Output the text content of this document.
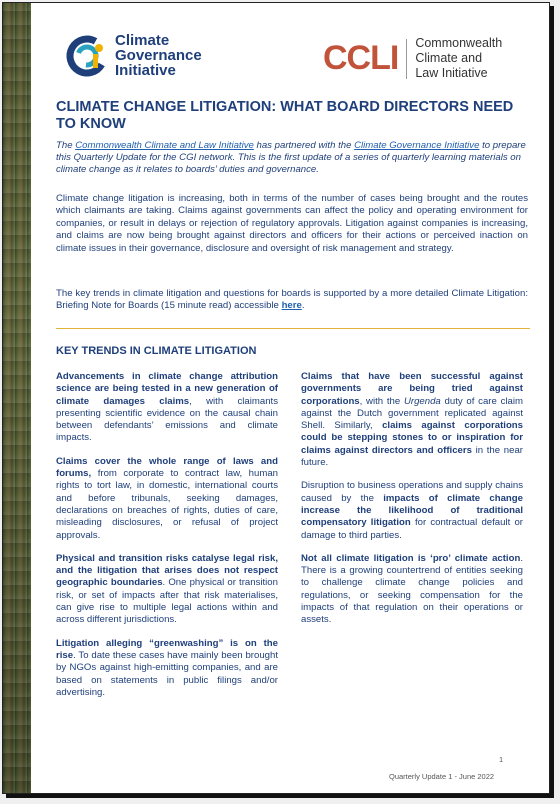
Climate
Governance
Initiative	CCLI Commonwealth
Climate and
Law Initiative
CLIMATE CHANGE LITIGATION: WHAT BOARD DIRECTORS NEED TO KNOW
The Commonwealth Climate and Law Initiative has partnered with the Climate Governance Initiative to prepare this Quarterly Update for the CGI network. This is the first update of a series of quarterly learning materials on climate change as it relates to boards’ duties and governance.
Climate change litigation is increasing, both in terms of the number of cases being brought and the routes which claimants are taking. Claims against governments can affect the policy and operating environment for companies, or result in delays or rejection of regulatory approvals. Litigation against companies is increasing, and claims are now being brought against directors and officers for their actions or perceived inaction on climate issues in their governance, disclosure and oversight of risk management and strategy.
The key trends in climate litigation and questions for boards is supported by a more detailed Climate Litigation: Briefing Note for Boards (15 minute read) accessible here.
KEY TRENDS IN CLIMATE LITIGATION

Advancements in climate change attribution science are being tested in a new generation of climate damages claims, with claimants presenting scientific evidence on the causal chain between defendants’ emissions and climate impacts.

Claims cover the whole range of laws and forums, from corporate to contract law, human rights to tort law, in domestic, international courts and before tribunals, seeking damages, declarations on breaches of rights, duties of care, misleading disclosures, or refusal of project approvals.

Physical and transition risks catalyse legal risk, and the litigation that arises does not respect geographic boundaries. One physical or transition risk, or set of impacts after that risk materialises, can give rise to multiple legal actions within and across different jurisdictions.

Litigation alleging “greenwashing” is on the rise. To date these cases have mainly been brought by NGOs against high-emitting companies, and are based on statements in public filings and/or advertising.

Claims that have been successful against governments are being tried against corporations, with the Urgenda duty of care claim against the Dutch government replicated against Shell. Similarly, claims against corporations could be stepping stones to or inspiration for claims against directors and officers in the near future.

Disruption to business operations and supply chains caused by the impacts of climate change increase the likelihood of traditional compensatory litigation for contractual default or damage to third parties.

Not all climate litigation is ‘pro’ climate action. There is a growing countertrend of entities seeking to challenge climate change policies and regulations, or seeking compensation for the impacts of that regulation on their operations or assets.

1
Quarterly Update 1 - June 2022
